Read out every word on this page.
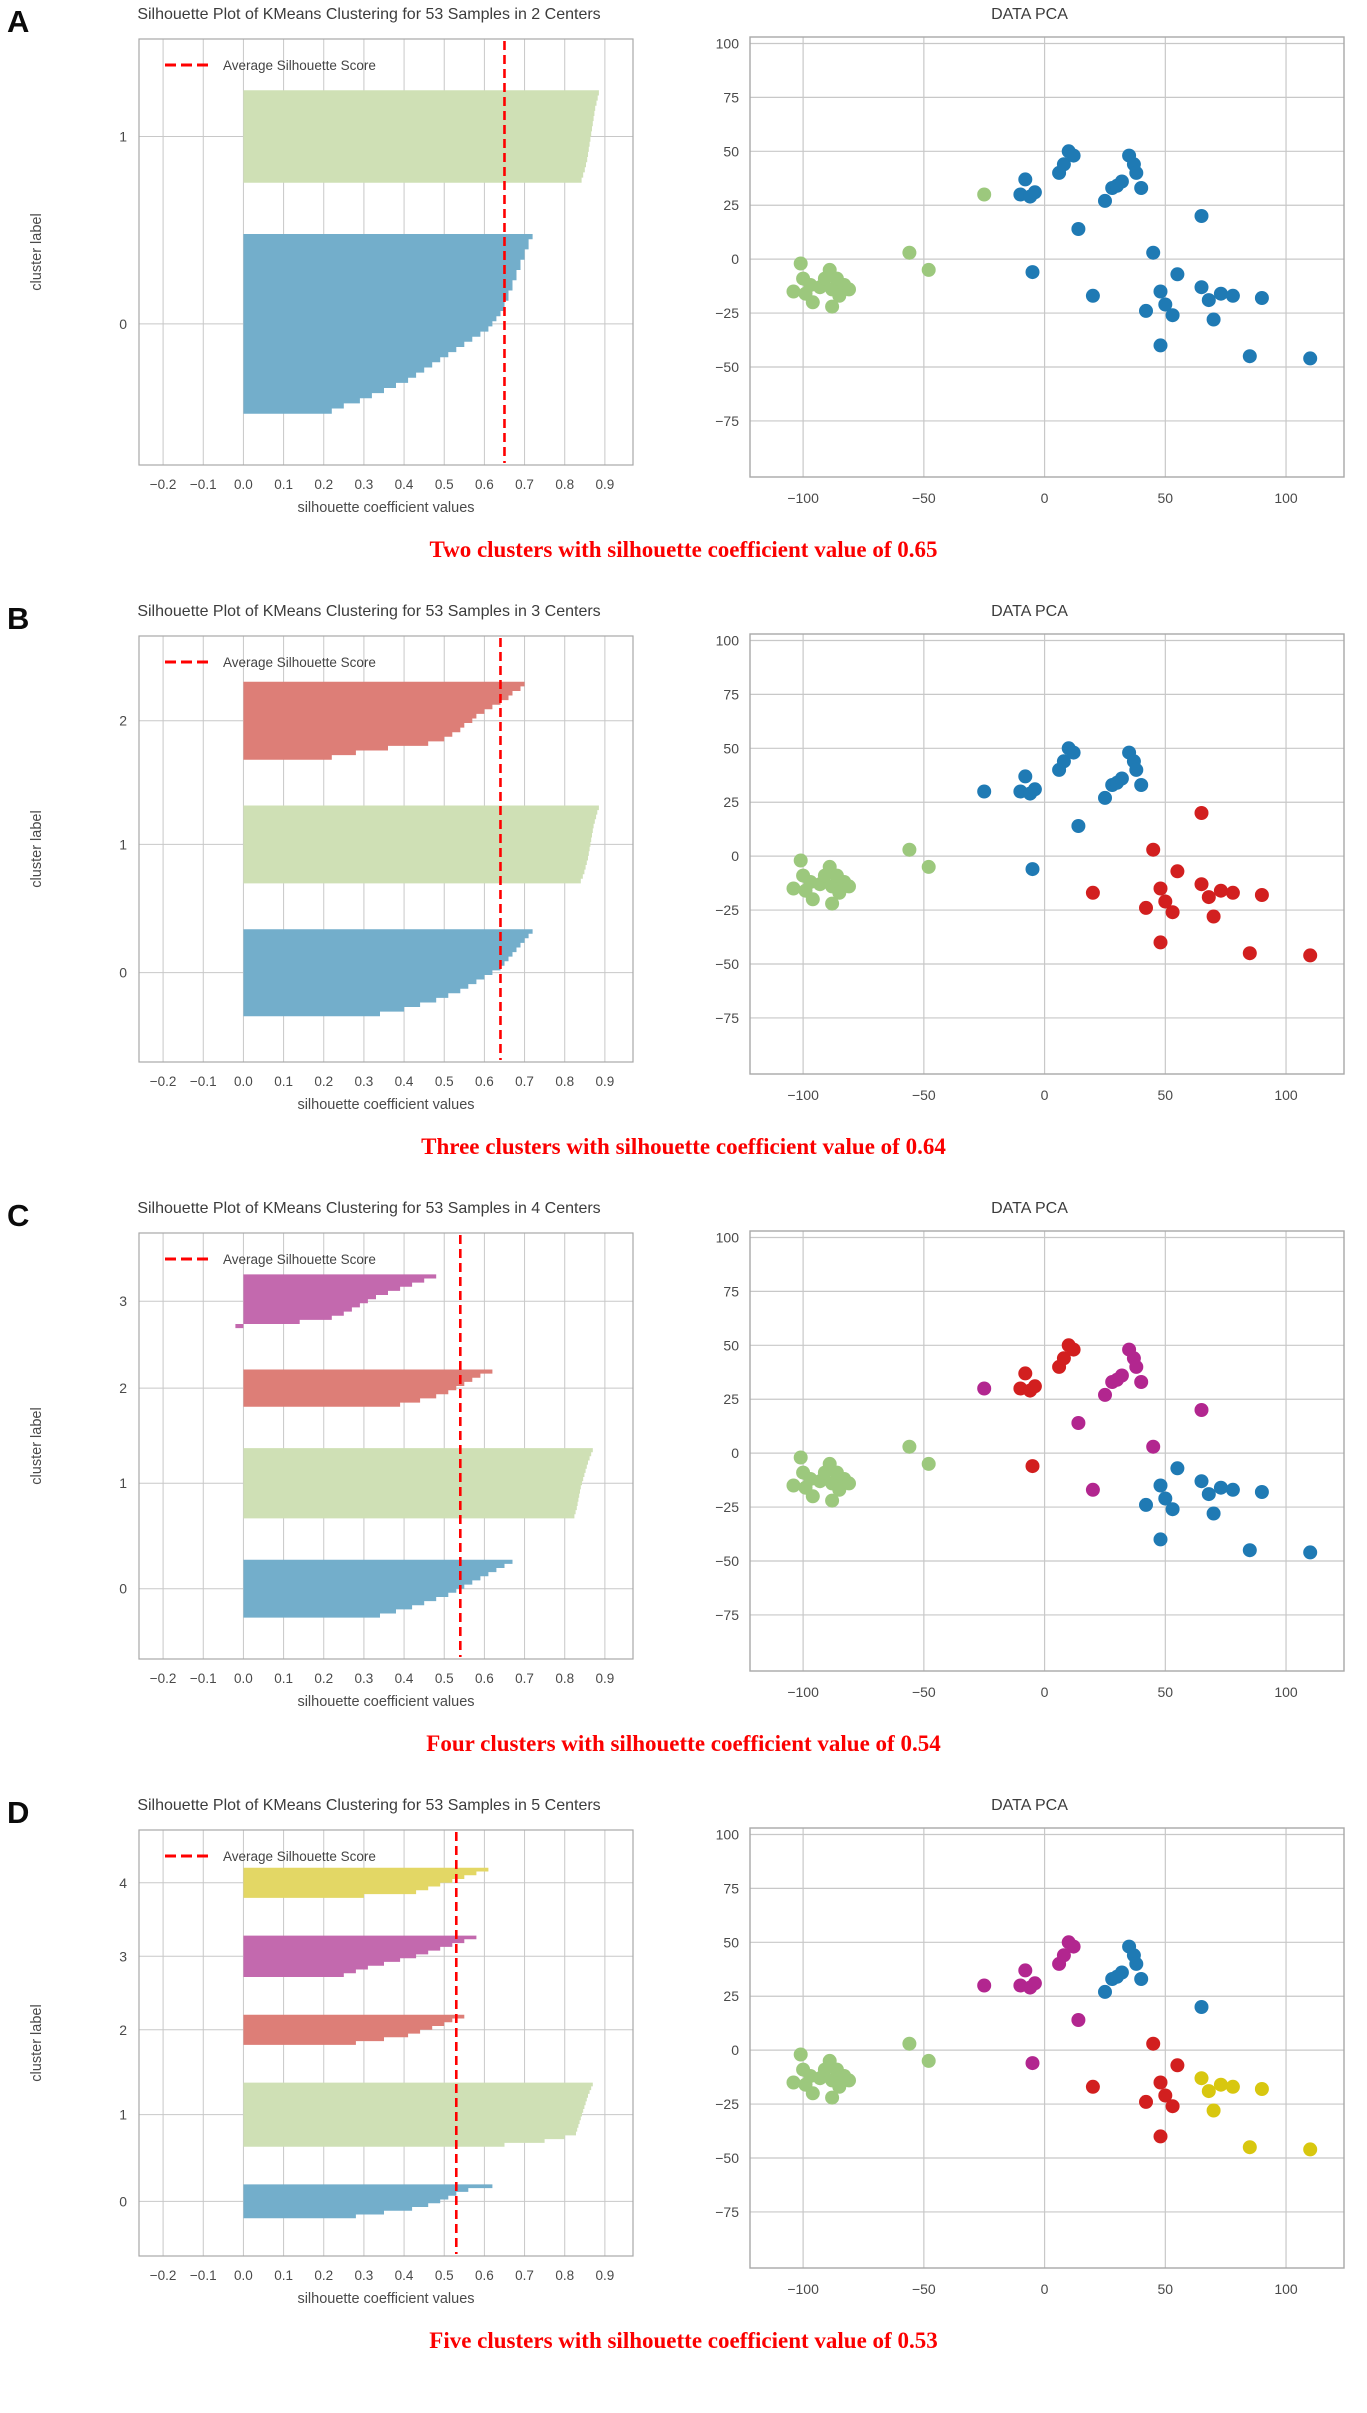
A	Silhouette Plot of KMeans Clustering for 53 Samples in 2 Centers
Average Silhouette Score
0
1
−0.2 −0.1 0.0 0.1 0.2 0.3 0.4 0.5 0.6 0.7 0.8 0.9
silhouette coefficient values
cluster label
DATA PCA
100
75
50
25
0
−25
−50
−75
−100	−50	0	50	100
Two clusters with silhouette coefficient value of 0.65
B	Silhouette Plot of KMeans Clustering for 53 Samples in 3 Centers
Average Silhouette Score
0
1
2
−0.2 −0.1 0.0 0.1 0.2 0.3 0.4 0.5 0.6 0.7 0.8 0.9
silhouette coefficient values
cluster label
DATA PCA
100
75
50
25
0
−25
−50
−75
−100	−50	0	50	100
Three clusters with silhouette coefficient value of 0.64
C	Silhouette Plot of KMeans Clustering for 53 Samples in 4 Centers
Average Silhouette Score
0
1
2
3
−0.2 −0.1 0.0 0.1 0.2 0.3 0.4 0.5 0.6 0.7 0.8 0.9
silhouette coefficient values
cluster label
DATA PCA
100
75
50
25
0
−25
−50
−75
−100	−50	0	50	100
Four clusters with silhouette coefficient value of 0.54
D	Silhouette Plot of KMeans Clustering for 53 Samples in 5 Centers
Average Silhouette Score
0
1
2
3
4
−0.2 −0.1 0.0 0.1 0.2 0.3 0.4 0.5 0.6 0.7 0.8 0.9
silhouette coefficient values
cluster label
DATA PCA
100
75
50
25
0
−25
−50
−75
−100	−50	0	50	100
Five clusters with silhouette coefficient value of 0.53
